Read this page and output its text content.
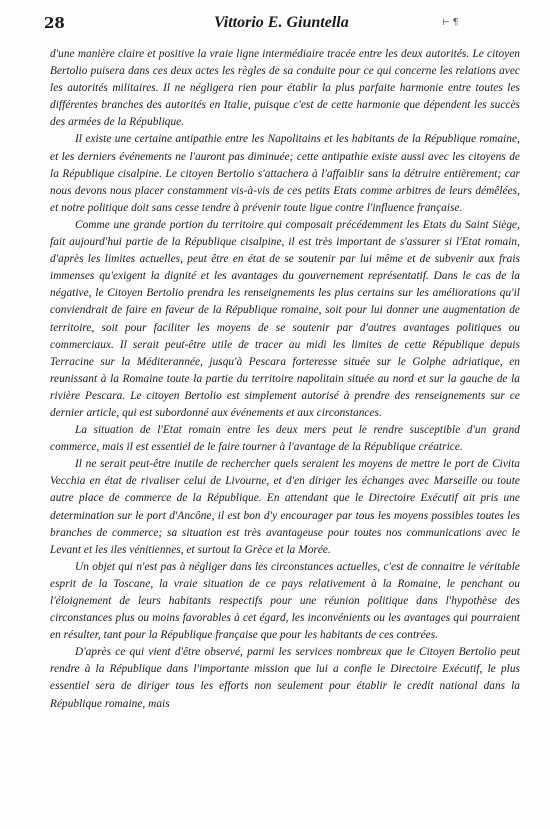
28	Vittorio E. Giuntella	⊢ ¶

d'une manière claire et positive la vraie ligne intermédiaire tracée entre les deux autorités. Le citoyen Bertolio puisera dans ces deux actes les règles de sa conduite pour ce qui concerne les relations avec les autorités militaires. Il ne négligera rien pour établir la plus parfaite harmonie entre toutes les différentes branches des autorités en Italie, puisque c'est de cette harmonie que dépendent les succès des armées de la République.

Il existe une certaine antipathie entre les Napolitains et les habitants de la République romaine, et les derniers événements ne l'auront pas diminuée; cette antipathie existe aussi avec les citoyens de la République cisalpine. Le citoyen Bertolio s'attachera à l'affaiblir sans la détruire entièrement; car nous devons nous placer constamment vis-à-vis de ces petits Etats comme arbitres de leurs démêlées, et notre politique doit sans cesse tendre à prévenir toute ligue contre l'influence française.

Comme une grande portion du territoire qui composait précédemment les Etats du Saint Siège, fait aujourd'hui partie de la République cisalpine, il est très important de s'assurer si l'Etat romain, d'après les limites actuelles, peut être en état de se soutenir par lui même et de subvenir aux frais immenses qu'exigent la dignité et les avantages du gouvernement représentatif. Dans le cas de la négative, le Citoyen Bertolio prendra les renseignements les plus certains sur les améliorations qu'il conviendrait de faire en faveur de la République romaine, soit pour lui donner une augmentation de territoire, soit pour faciliter les moyens de se soutenir par d'autres avantages politiques ou commerciaux. Il serait peut-être utile de tracer au midi les limites de cette République depuis Terracine sur la Méditerannée, jusqu'à Pescara forteresse située sur le Golphe adriatique, en reunissant à la Romaine toute la partie du territoire napolitain située au nord et sur la gauche de la rivière Pescara. Le citoyen Bertolio est simplement autorisé à prendre des renseignements sur ce dernier article, qui est subordonné aux événements et aux circonstances.

La situation de l'Etat romain entre les deux mers peut le rendre susceptible d'un grand commerce, mais il est essentiel de le faire tourner à l'avantage de la République créatrice.

Il ne serait peut-être inutile de rechercher quels seraient les moyens de mettre le port de Civita Vecchia en état de rivaliser celui de Livourne, et d'en diriger les échanges avec Marseille ou toute autre place de commerce de la République. En attendant que le Directoire Exécutif ait pris une determination sur le port d'Ancône, il est bon d'y encourager par tous les moyens possibles toutes les branches de commerce; sa situation est très avantageuse pour toutes nos communications avec le Levant et les iles vénitiennes, et surtout la Grèce et la Morée.

Un objet qui n'est pas à négliger dans les circonstances actuelles, c'est de connaitre le véritable esprit de la Toscane, la vraie situation de ce pays relativement à la Romaine, le penchant ou l'éloignement de leurs habitants respectifs pour une réunion politique dans l'hypothèse des circonstances plus ou moins favorables à cet égard, les inconvénients ou les avantages qui pourraient en résulter, tant pour la République française que pour les habitants de ces contrées.

D'après ce qui vient d'être observé, parmi les services nombreux que le Citoyen Bertolio peut rendre à la République dans l'importante mission que lui a confie le Directoire Exécutif, le plus essentiel sera de diriger tous les efforts non seulement pour établir le credit national dans la République romaine, mais
